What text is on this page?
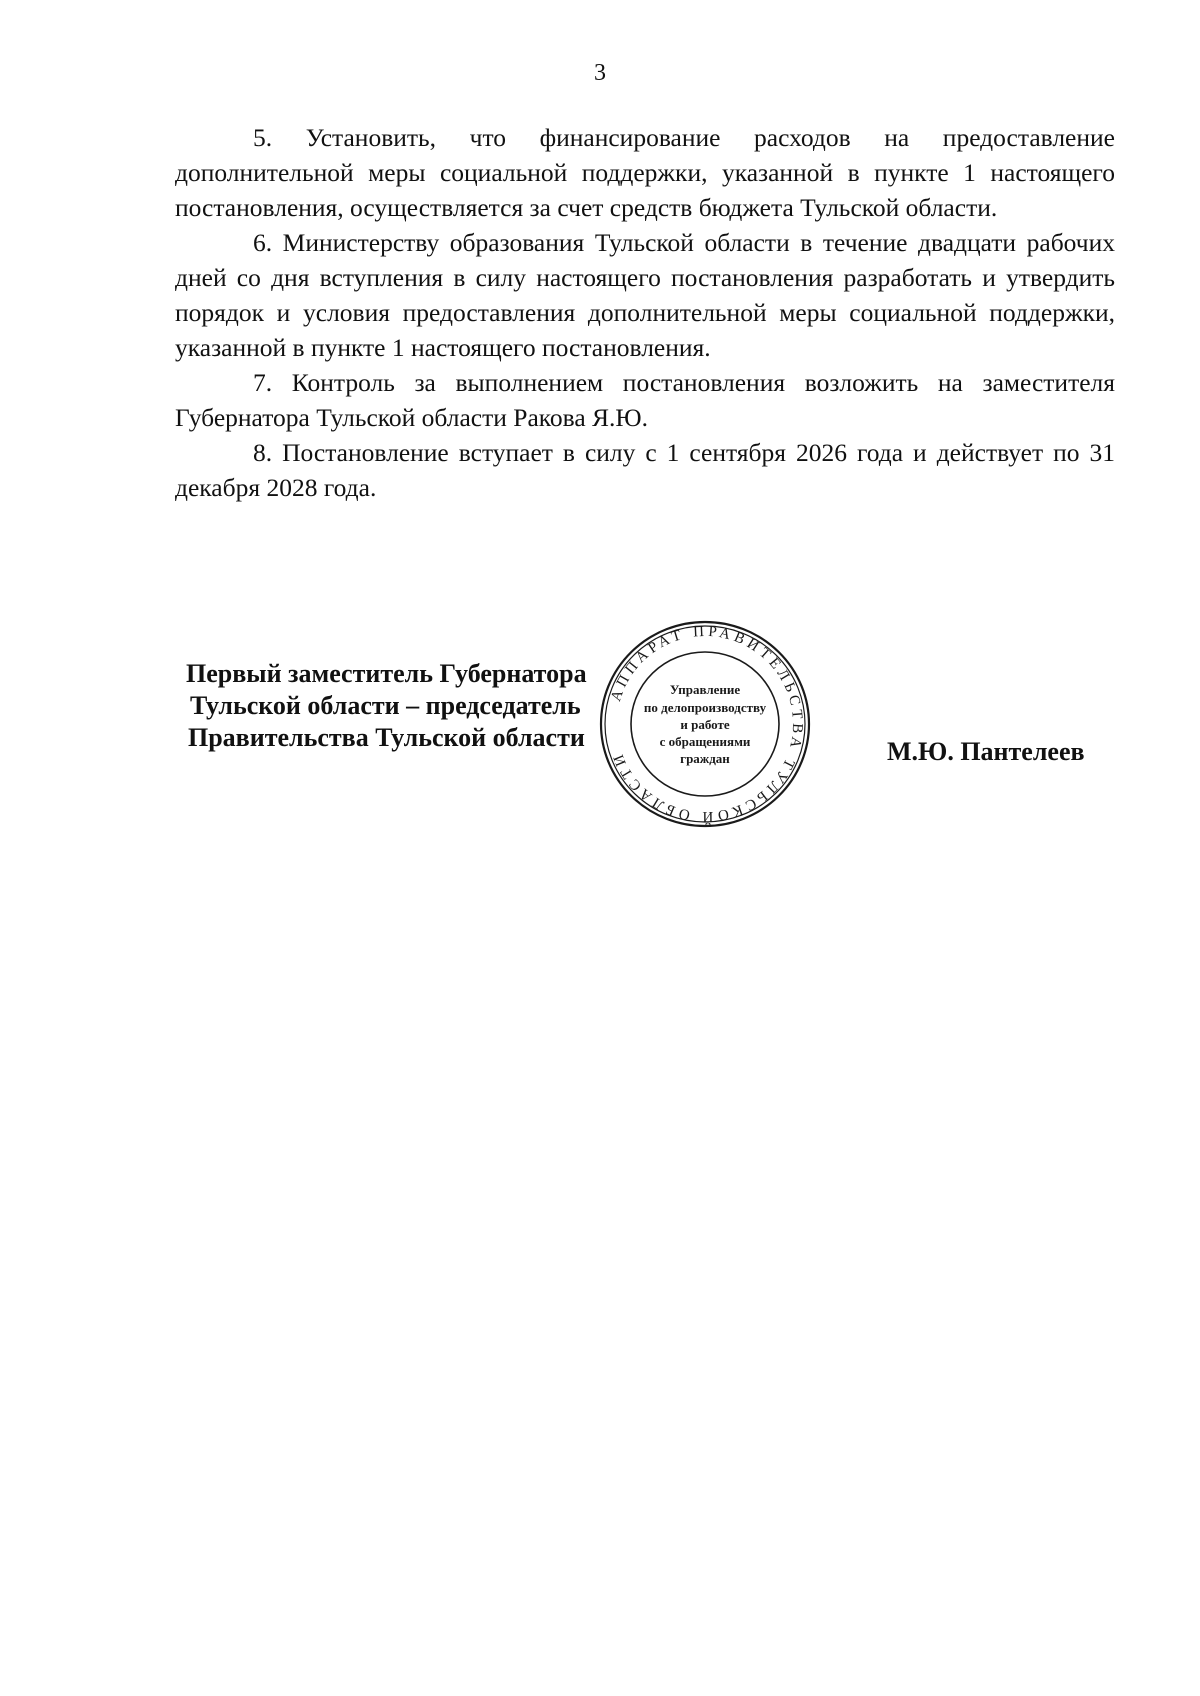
3

5. Установить, что финансирование расходов на предоставление дополнительной меры социальной поддержки, указанной в пункте 1 настоящего постановления, осуществляется за счет средств бюджета Тульской области.

6. Министерству образования Тульской области в течение двадцати рабочих дней со дня вступления в силу настоящего постановления разработать и утвердить порядок и условия предоставления дополнительной меры социальной поддержки, указанной в пункте 1 настоящего постановления.

7. Контроль за выполнением постановления возложить на заместителя Губернатора Тульской области Ракова Я.Ю.

8. Постановление вступает в силу с 1 сентября 2026 года и действует по 31 декабря 2028 года.

Первый заместитель Губернатора
Тульской области – председатель
Правительства Тульской области	М.Ю. Пантелеев
АППАРАТ ПРАВИТЕЛЬСТВА ТУЛЬСКОЙ ОБЛАСТИ
Управление
по делопроизводству
и работе
с обращениями
граждан
